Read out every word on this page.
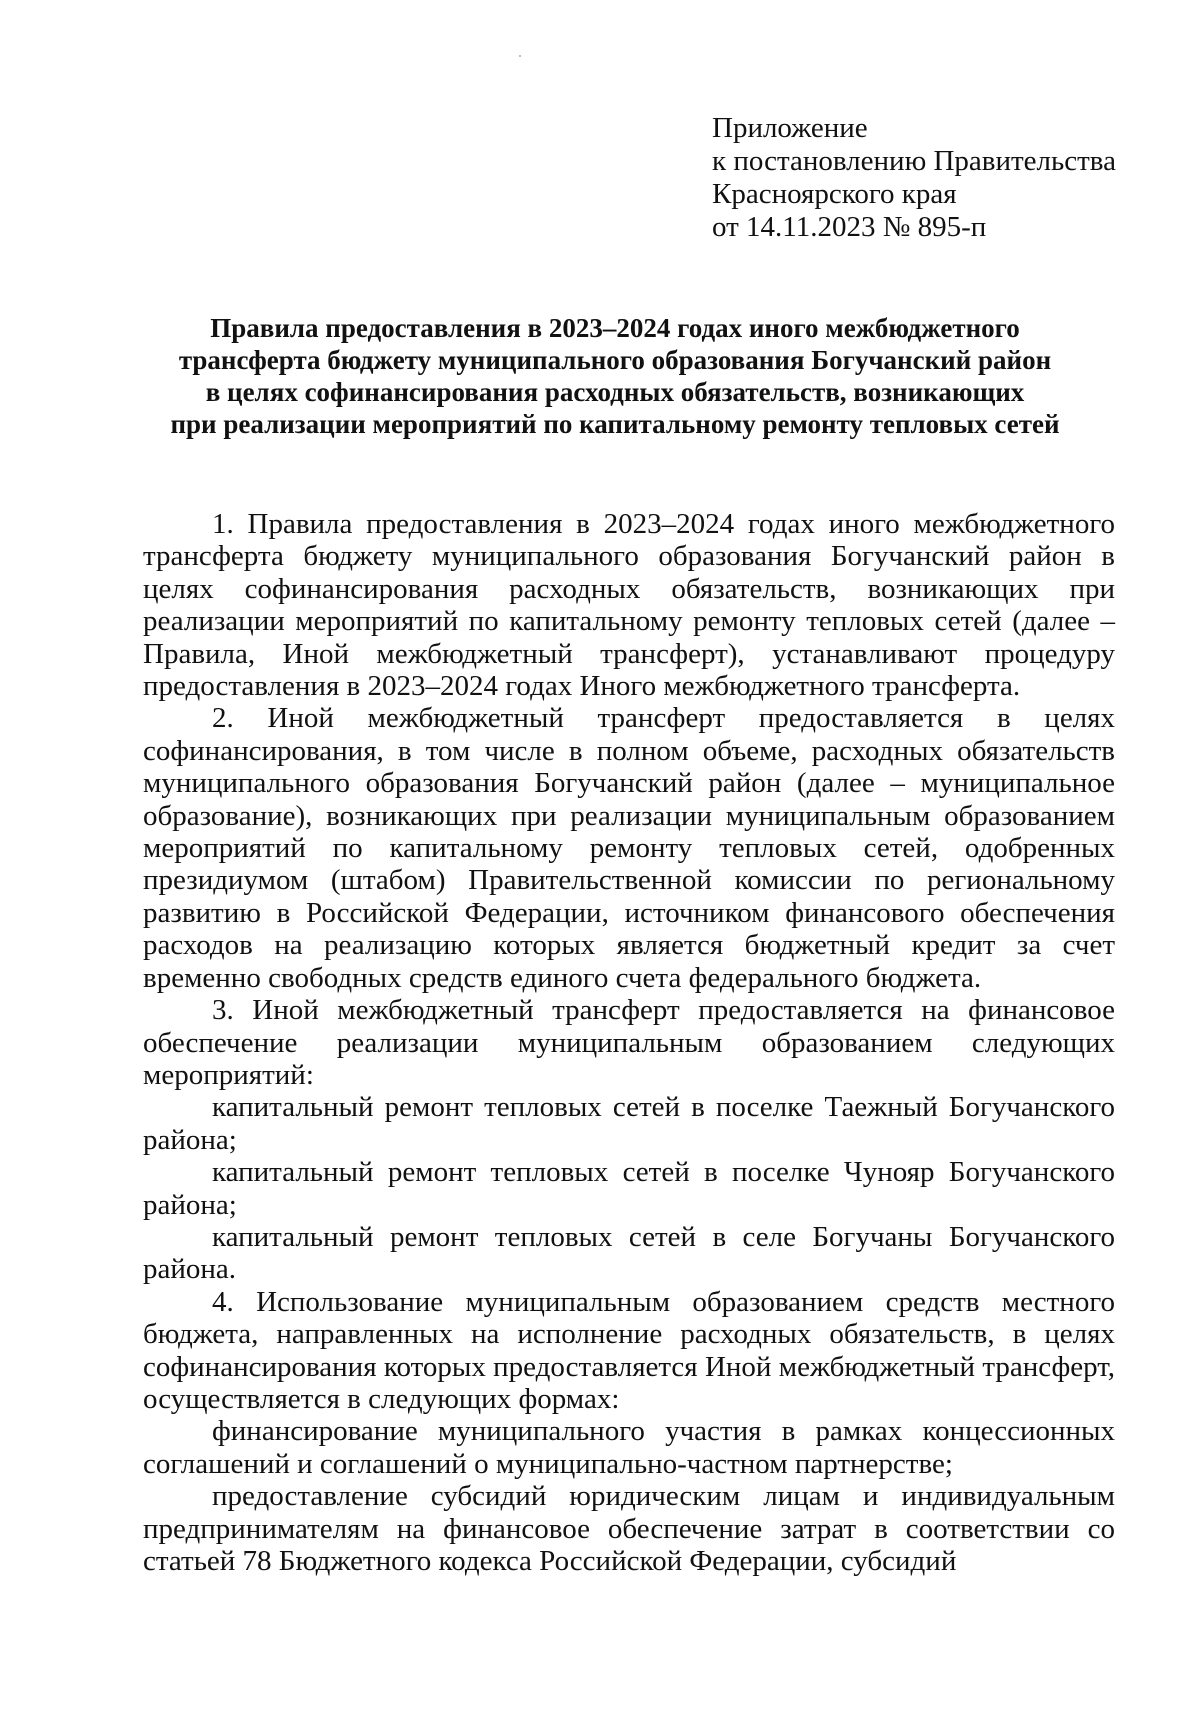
Приложение
к постановлению Правительства
Красноярского края
от 14.11.2023 № 895-п
Правила предоставления в 2023–2024 годах иного межбюджетного
трансферта бюджету муниципального образования Богучанский район
в целях софинансирования расходных обязательств, возникающих
при реализации мероприятий по капитальному ремонту тепловых сетей

1. Правила предоставления в 2023–2024 годах иного межбюджетного трансферта бюджету муниципального образования Богучанский район в целях софинансирования расходных обязательств, возникающих при реализации мероприятий по капитальному ремонту тепловых сетей (далее – Правила, Иной межбюджетный трансферт), устанавливают процедуру предоставления в 2023–2024 годах Иного межбюджетного трансферта.

2. Иной межбюджетный трансферт предоставляется в целях софинансирования, в том числе в полном объеме, расходных обязательств муниципального образования Богучанский район (далее – муниципальное образование), возникающих при реализации муниципальным образованием мероприятий по капитальному ремонту тепловых сетей, одобренных президиумом (штабом) Правительственной комиссии по региональному развитию в Российской Федерации, источником финансового обеспечения расходов на реализацию которых является бюджетный кредит за счет временно свободных средств единого счета федерального бюджета.

3. Иной межбюджетный трансферт предоставляется на финансовое обеспечение реализации муниципальным образованием следующих мероприятий:

капитальный ремонт тепловых сетей в поселке Таежный Богучанского района;

капитальный ремонт тепловых сетей в поселке Чунояр Богучанского района;

капитальный ремонт тепловых сетей в селе Богучаны Богучанского района.

4. Использование муниципальным образованием средств местного бюджета, направленных на исполнение расходных обязательств, в целях софинансирования которых предоставляется Иной межбюджетный трансферт, осуществляется в следующих формах:

финансирование муниципального участия в рамках концессионных соглашений и соглашений о муниципально-частном партнерстве;

предоставление субсидий юридическим лицам и индивидуальным предпринимателям на финансовое обеспечение затрат в соответствии со статьей 78 Бюджетного кодекса Российской Федерации, субсидий
